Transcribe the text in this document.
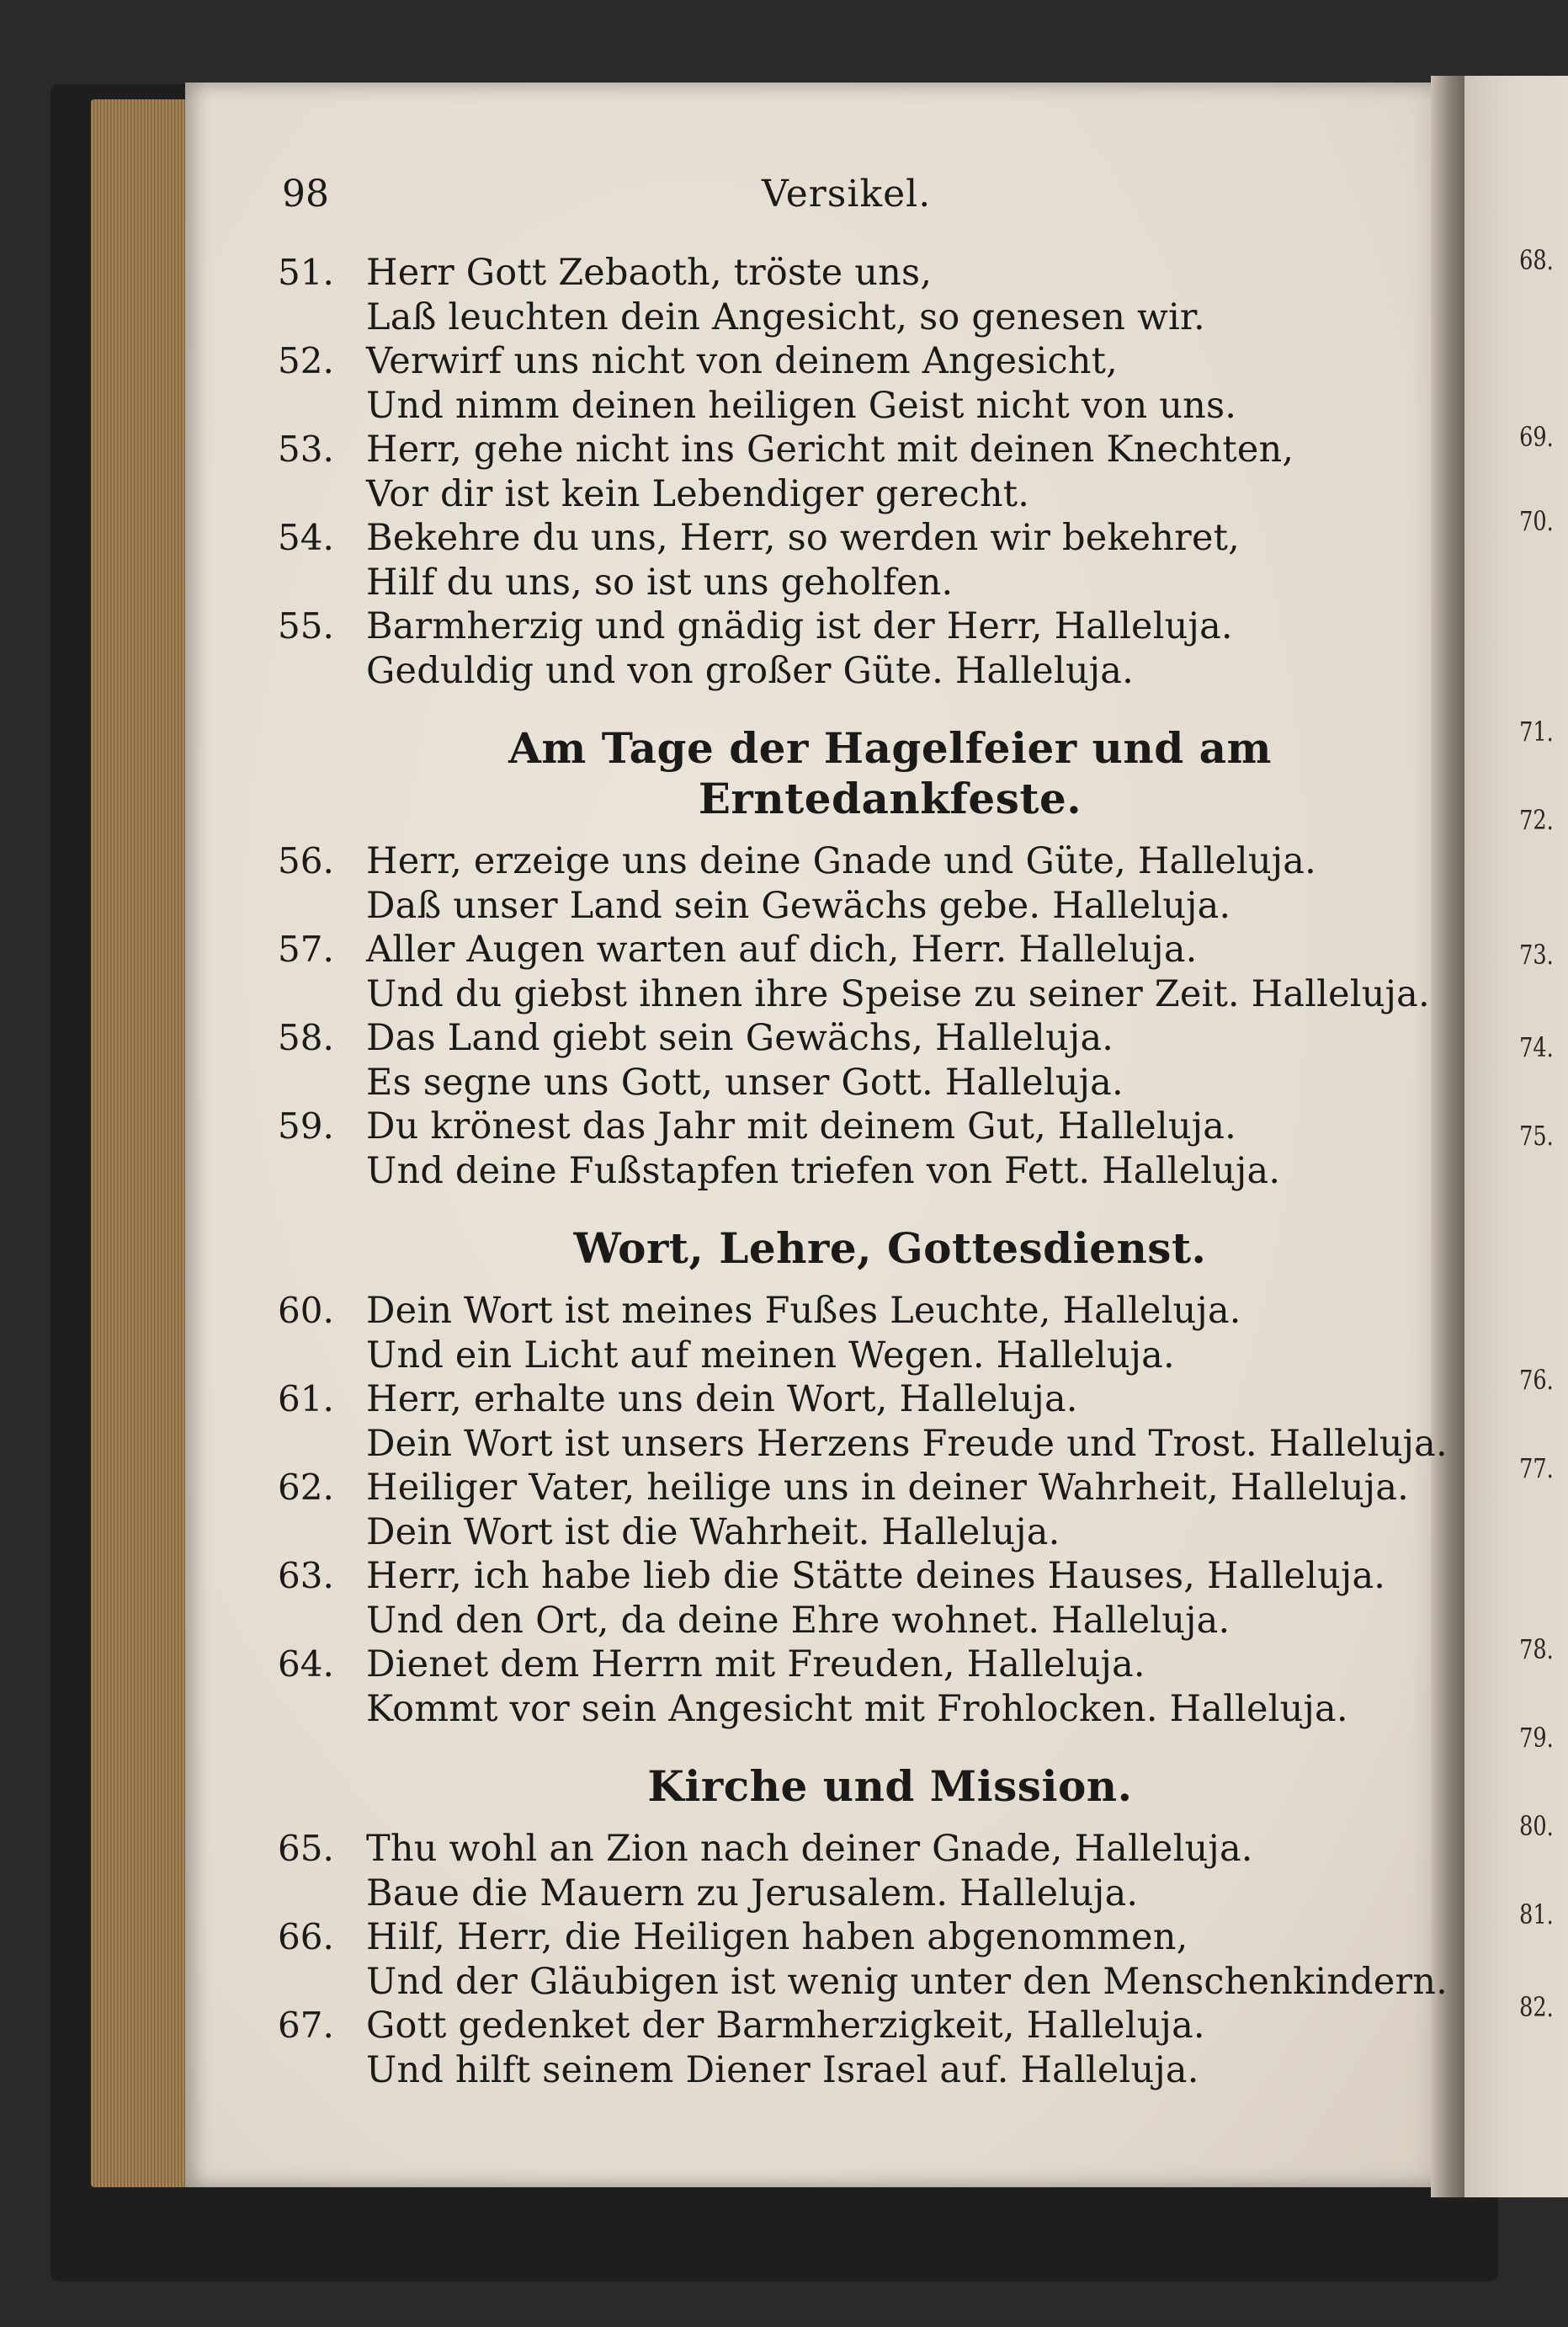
68.
69.
70.
71.
72.
73.
74.
75.
76.
77.
78.
79.
80.
81.
82.
98	Versikel.
51. Herr Gott Zebaoth, tröste uns,
Laß leuchten dein Angesicht, so genesen wir.
52. Verwirf uns nicht von deinem Angesicht,
Und nimm deinen heiligen Geist nicht von uns.
53. Herr, gehe nicht ins Gericht mit deinen Knechten,
Vor dir ist kein Lebendiger gerecht.
54. Bekehre du uns, Herr, so werden wir bekehret,
Hilf du uns, so ist uns geholfen.
55. Barmherzig und gnädig ist der Herr, Halleluja.
Geduldig und von großer Güte. Halleluja.
Am Tage der Hagelfeier und am Erntedankfeste.
56. Herr, erzeige uns deine Gnade und Güte, Halleluja.
Daß unser Land sein Gewächs gebe. Halleluja.
57. Aller Augen warten auf dich, Herr. Halleluja.
Und du giebst ihnen ihre Speise zu seiner Zeit. Halleluja.
58. Das Land giebt sein Gewächs, Halleluja.
Es segne uns Gott, unser Gott. Halleluja.
59. Du krönest das Jahr mit deinem Gut, Halleluja.
Und deine Fußstapfen triefen von Fett. Halleluja.
Wort, Lehre, Gottesdienst.
60. Dein Wort ist meines Fußes Leuchte, Halleluja.
Und ein Licht auf meinen Wegen. Halleluja.
61. Herr, erhalte uns dein Wort, Halleluja.
Dein Wort ist unsers Herzens Freude und Trost. Halleluja.
62. Heiliger Vater, heilige uns in deiner Wahrheit, Halleluja.
Dein Wort ist die Wahrheit. Halleluja.
63. Herr, ich habe lieb die Stätte deines Hauses, Halleluja.
Und den Ort, da deine Ehre wohnet. Halleluja.
64. Dienet dem Herrn mit Freuden, Halleluja.
Kommt vor sein Angesicht mit Frohlocken. Halleluja.
Kirche und Mission.
65. Thu wohl an Zion nach deiner Gnade, Halleluja.
Baue die Mauern zu Jerusalem. Halleluja.
66. Hilf, Herr, die Heiligen haben abgenommen,
Und der Gläubigen ist wenig unter den Menschenkindern.
67. Gott gedenket der Barmherzigkeit, Halleluja.
Und hilft seinem Diener Israel auf. Halleluja.
